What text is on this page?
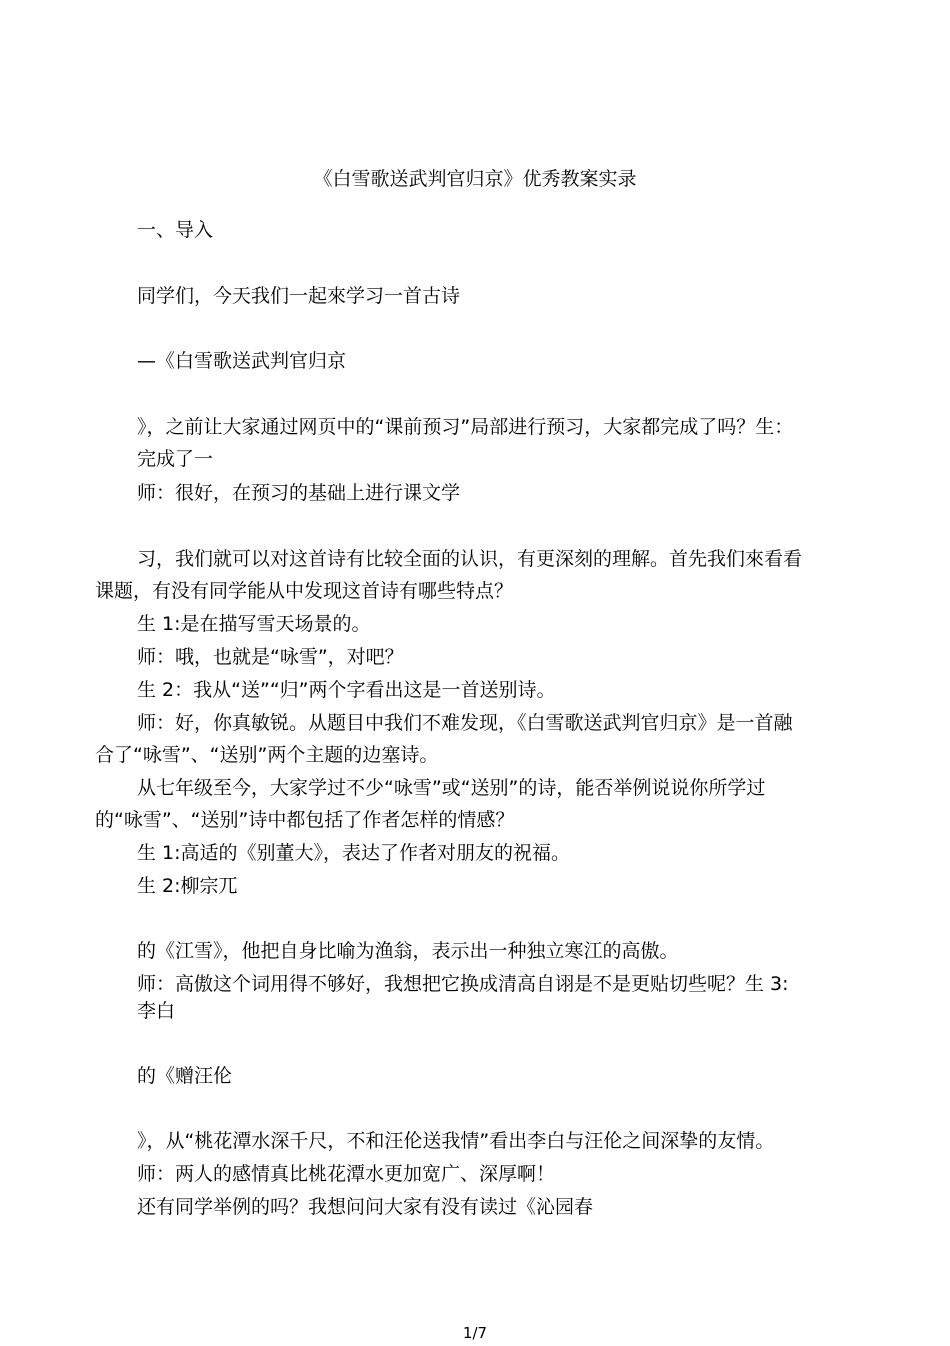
《白雪歌送武判官归京》优秀教案实录
一、导入
同学们，今天我们一起來学习一首古诗
—《白雪歌送武判官归京
》，之前让大家通过网页中的“课前预习”局部进行预习，大家都完成了吗？生：
完成了一
师：很好，在预习的基础上进行课文学
习，我们就可以对这首诗有比较全面的认识，有更深刻的理解。首先我们來看看
课题，有没有同学能从中发现这首诗有哪些特点？
生 1:是在描写雪天场景的。
师：哦，也就是“咏雪”，对吧？
生 2：我从“送”“归”两个字看出这是一首送别诗。
师：好，你真敏锐。从题目中我们不难发现，《白雪歌送武判官归京》是一首融
合了“咏雪”、“送别”两个主题的边塞诗。
从七年级至今，大家学过不少“咏雪”或“送别”的诗，能否举例说说你所学过
的“咏雪”、“送别”诗中都包括了作者怎样的情感？
生 1:高适的《别董大》，表达了作者对朋友的祝福。
生 2:柳宗兀
的《江雪》，他把自身比喻为渔翁，表示出一种独立寒江的高傲。
师：高傲这个词用得不够好，我想把它换成清高自诩是不是更贴切些呢？生 3:
李白
的《赠汪伦
》，从“桃花潭水深千尺，不和汪伦送我情”看出李白与汪伦之间深挚的友情。
师：两人的感情真比桃花潭水更加宽广、深厚啊！
还有同学举例的吗？我想问问大家有没有读过《沁园春
1/7
